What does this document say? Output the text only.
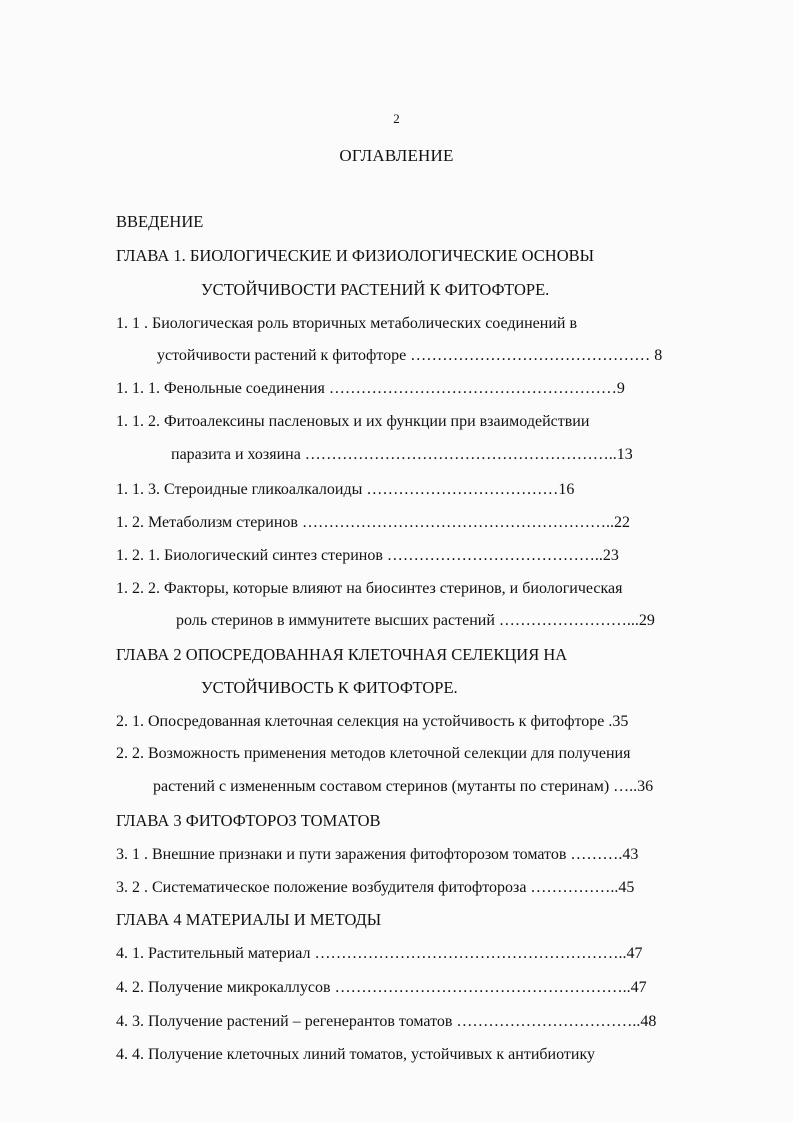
2
ОГЛАВЛЕНИЕ
ВВЕДЕНИЕ
ГЛАВА 1. БИОЛОГИЧЕСКИЕ И ФИЗИОЛОГИЧЕСКИЕ ОСНОВЫ
УСТОЙЧИВОСТИ РАСТЕНИЙ К ФИТОФТОРЕ.
1. 1 . Биологическая роль вторичных метаболических соединений в
устойчивости растений к фитофторе ……………………………………… 8
1. 1. 1. Фенольные соединения ………………………………………………9
1. 1. 2. Фитоалексины пасленовых и их функции при взаимодействии
паразита и хозяина …………………………………………………..13
1. 1. 3. Стероидные гликоалкалоиды ………………………………16
1. 2. Метаболизм стеринов …………………………………………………..22
1. 2. 1. Биологический синтез стеринов …………………………………..23
1. 2. 2. Факторы, которые влияют на биосинтез стеринов, и биологическая
роль стеринов в иммунитете высших растений ……………………...29
ГЛАВА 2 ОПОСРЕДОВАННАЯ КЛЕТОЧНАЯ СЕЛЕКЦИЯ НА
УСТОЙЧИВОСТЬ К ФИТОФТОРЕ.
2. 1. Опосредованная клеточная селекция на устойчивость к фитофторе .35
2. 2. Возможность применения методов клеточной селекции для получения
растений с измененным составом стеринов (мутанты по стеринам) …..36
ГЛАВА 3 ФИТОФТОРОЗ ТОМАТОВ
3. 1 . Внешние признаки и пути заражения фитофторозом томатов ……….43
3. 2 . Систематическое положение возбудителя фитофтороза ……………..45
ГЛАВА 4 МАТЕРИАЛЫ И МЕТОДЫ
4. 1. Растительный материал …………………………………………………..47
4. 2. Получение микрокаллусов ………………………………………………..47
4. 3. Получение растений – регенерантов томатов ……………………………..48
4. 4. Получение клеточных линий томатов, устойчивых к антибиотику
